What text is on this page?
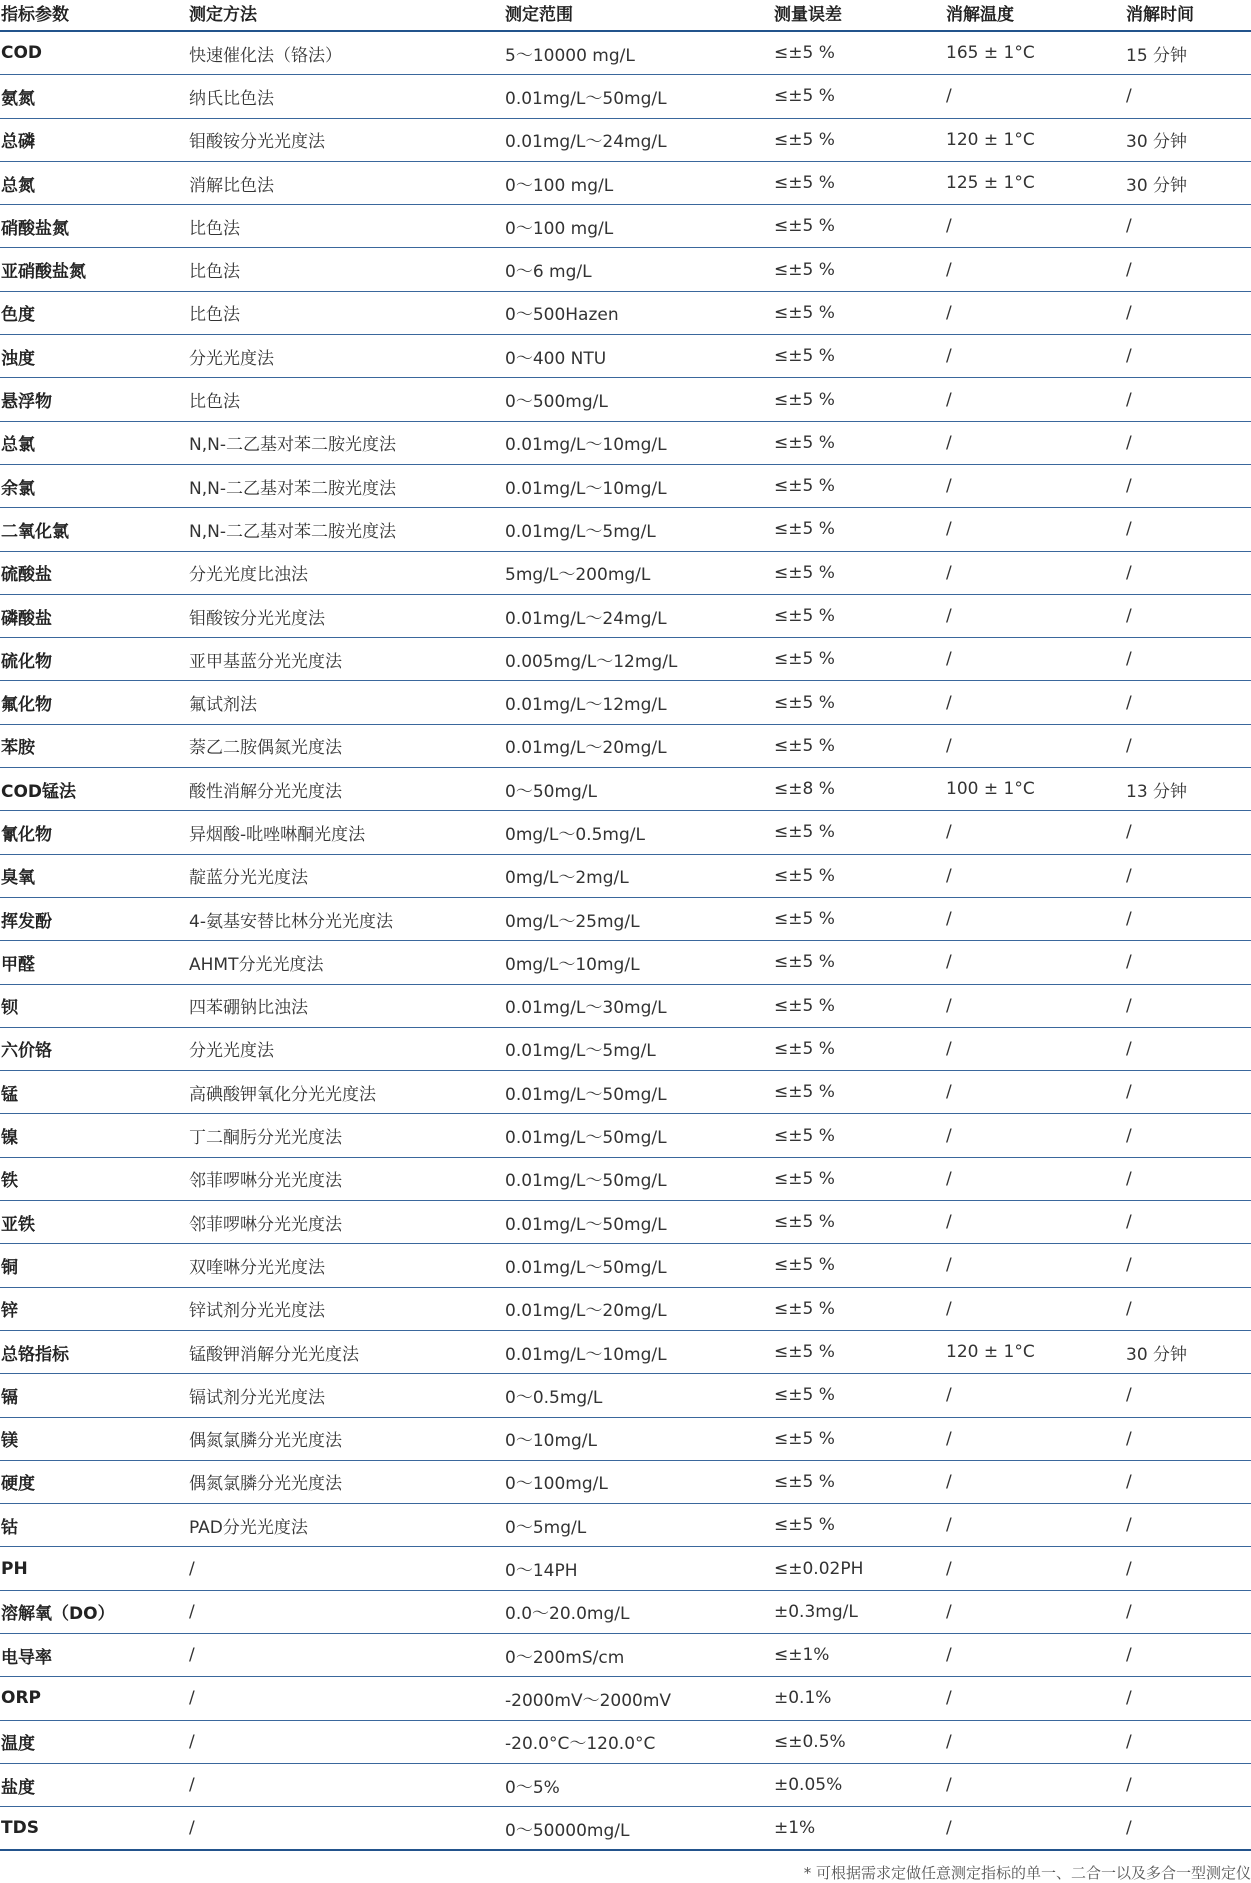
指标参数	测定方法	测定范围	测量误差	消解温度	消解时间
COD	快速催化法（铬法）	5～10000 mg/L	≤±5 %	165 ± 1°C	15 分钟
氨氮	纳氏比色法	0.01mg/L～50mg/L	≤±5 %	/	/
总磷	钼酸铵分光光度法	0.01mg/L～24mg/L	≤±5 %	120 ± 1°C	30 分钟
总氮	消解比色法	0～100 mg/L	≤±5 %	125 ± 1°C	30 分钟
硝酸盐氮	比色法	0～100 mg/L	≤±5 %	/	/
亚硝酸盐氮	比色法	0～6 mg/L	≤±5 %	/	/
色度	比色法	0～500Hazen	≤±5 %	/	/
浊度	分光光度法	0～400 NTU	≤±5 %	/	/
悬浮物	比色法	0～500mg/L	≤±5 %	/	/
总氯	N,N-二乙基对苯二胺光度法	0.01mg/L～10mg/L	≤±5 %	/	/
余氯	N,N-二乙基对苯二胺光度法	0.01mg/L～10mg/L	≤±5 %	/	/
二氧化氯	N,N-二乙基对苯二胺光度法	0.01mg/L～5mg/L	≤±5 %	/	/
硫酸盐	分光光度比浊法	5mg/L～200mg/L	≤±5 %	/	/
磷酸盐	钼酸铵分光光度法	0.01mg/L～24mg/L	≤±5 %	/	/
硫化物	亚甲基蓝分光光度法	0.005mg/L～12mg/L	≤±5 %	/	/
氟化物	氟试剂法	0.01mg/L～12mg/L	≤±5 %	/	/
苯胺	萘乙二胺偶氮光度法	0.01mg/L～20mg/L	≤±5 %	/	/
COD锰法	酸性消解分光光度法	0～50mg/L	≤±8 %	100 ± 1°C	13 分钟
氰化物	异烟酸-吡唑啉酮光度法	0mg/L～0.5mg/L	≤±5 %	/	/
臭氧	靛蓝分光光度法	0mg/L～2mg/L	≤±5 %	/	/
挥发酚	4-氨基安替比林分光光度法	0mg/L～25mg/L	≤±5 %	/	/
甲醛	AHMT分光光度法	0mg/L～10mg/L	≤±5 %	/	/
钡	四苯硼钠比浊法	0.01mg/L～30mg/L	≤±5 %	/	/
六价铬	分光光度法	0.01mg/L～5mg/L	≤±5 %	/	/
锰	高碘酸钾氧化分光光度法	0.01mg/L～50mg/L	≤±5 %	/	/
镍	丁二酮肟分光光度法	0.01mg/L～50mg/L	≤±5 %	/	/
铁	邻菲啰啉分光光度法	0.01mg/L～50mg/L	≤±5 %	/	/
亚铁	邻菲啰啉分光光度法	0.01mg/L～50mg/L	≤±5 %	/	/
铜	双喹啉分光光度法	0.01mg/L～50mg/L	≤±5 %	/	/
锌	锌试剂分光光度法	0.01mg/L～20mg/L	≤±5 %	/	/
总铬指标	锰酸钾消解分光光度法	0.01mg/L～10mg/L	≤±5 %	120 ± 1°C	30 分钟
镉	镉试剂分光光度法	0～0.5mg/L	≤±5 %	/	/
镁	偶氮氯膦分光光度法	0～10mg/L	≤±5 %	/	/
硬度	偶氮氯膦分光光度法	0～100mg/L	≤±5 %	/	/
钴	PAD分光光度法	0～5mg/L	≤±5 %	/	/
PH	/	0～14PH	≤±0.02PH	/	/
溶解氧（DO）	/	0.0～20.0mg/L	±0.3mg/L	/	/
电导率	/	0～200mS/cm	≤±1%	/	/
ORP	/	-2000mV～2000mV	±0.1%	/	/
温度	/	-20.0°C～120.0°C	≤±0.5%	/	/
盐度	/	0～5%	±0.05%	/	/
TDS	/	0～50000mg/L	±1%	/	/
* 可根据需求定做任意测定指标的单一、二合一以及多合一型测定仪
